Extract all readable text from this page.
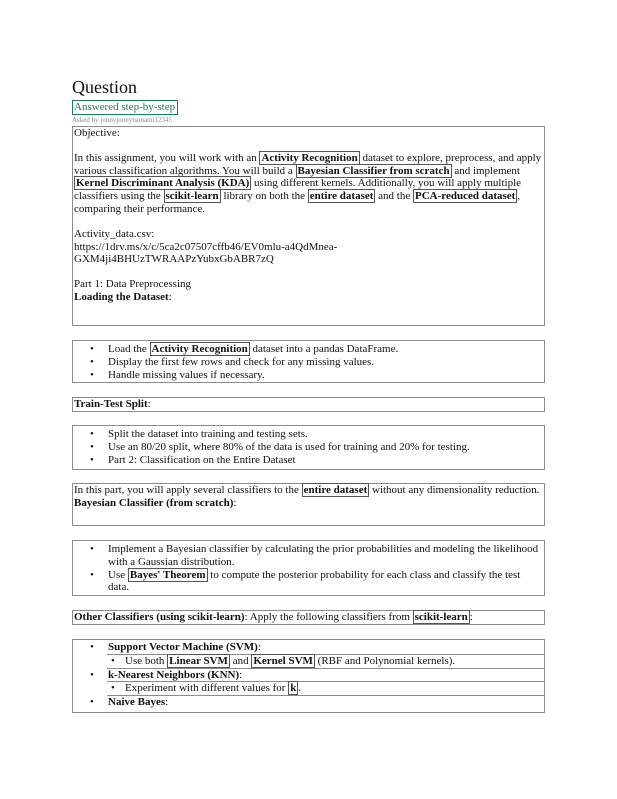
Question
Answered step-by-step
Asked by jonnyjonnytsunami12345

Objective:

In this assignment, you will work with an Activity Recognition dataset to explore, preprocess, and apply various classification algorithms. You will build a Bayesian Classifier from scratch and implement Kernel Discriminant Analysis (KDA) using different kernels. Additionally, you will apply multiple classifiers using the scikit-learn library on both the entire dataset and the PCA-reduced dataset , comparing their performance.

Activity_data.csv:

https://1drv.ms/x/c/5ca2c07507cffb46/EV0mlu-a4QdMnea-

GXM4ji4BHUzTWRAAPzYubxGbABR7zQ

Part 1: Data Preprocessing

Loading the Dataset:

• Load the Activity Recognition dataset into a pandas DataFrame.
• Display the first few rows and check for any missing values.
• Handle missing values if necessary.

Train-Test Split:

• Split the dataset into training and testing sets.
• Use an 80/20 split, where 80% of the data is used for training and 20% for testing.
• Part 2: Classification on the Entire Dataset

In this part, you will apply several classifiers to the entire dataset without any dimensionality reduction.

Bayesian Classifier (from scratch):

• Implement a Bayesian classifier by calculating the prior probabilities and modeling the likelihood with a Gaussian distribution.
• Use Bayes' Theorem to compute the posterior probability for each class and classify the test data.

Other Classifiers (using scikit-learn): Apply the following classifiers from scikit-learn :

• Support Vector Machine (SVM):
• Use both Linear SVM and Kernel SVM (RBF and Polynomial kernels).
• k-Nearest Neighbors (KNN):
• Experiment with different values for k .
• Naive Bayes:
